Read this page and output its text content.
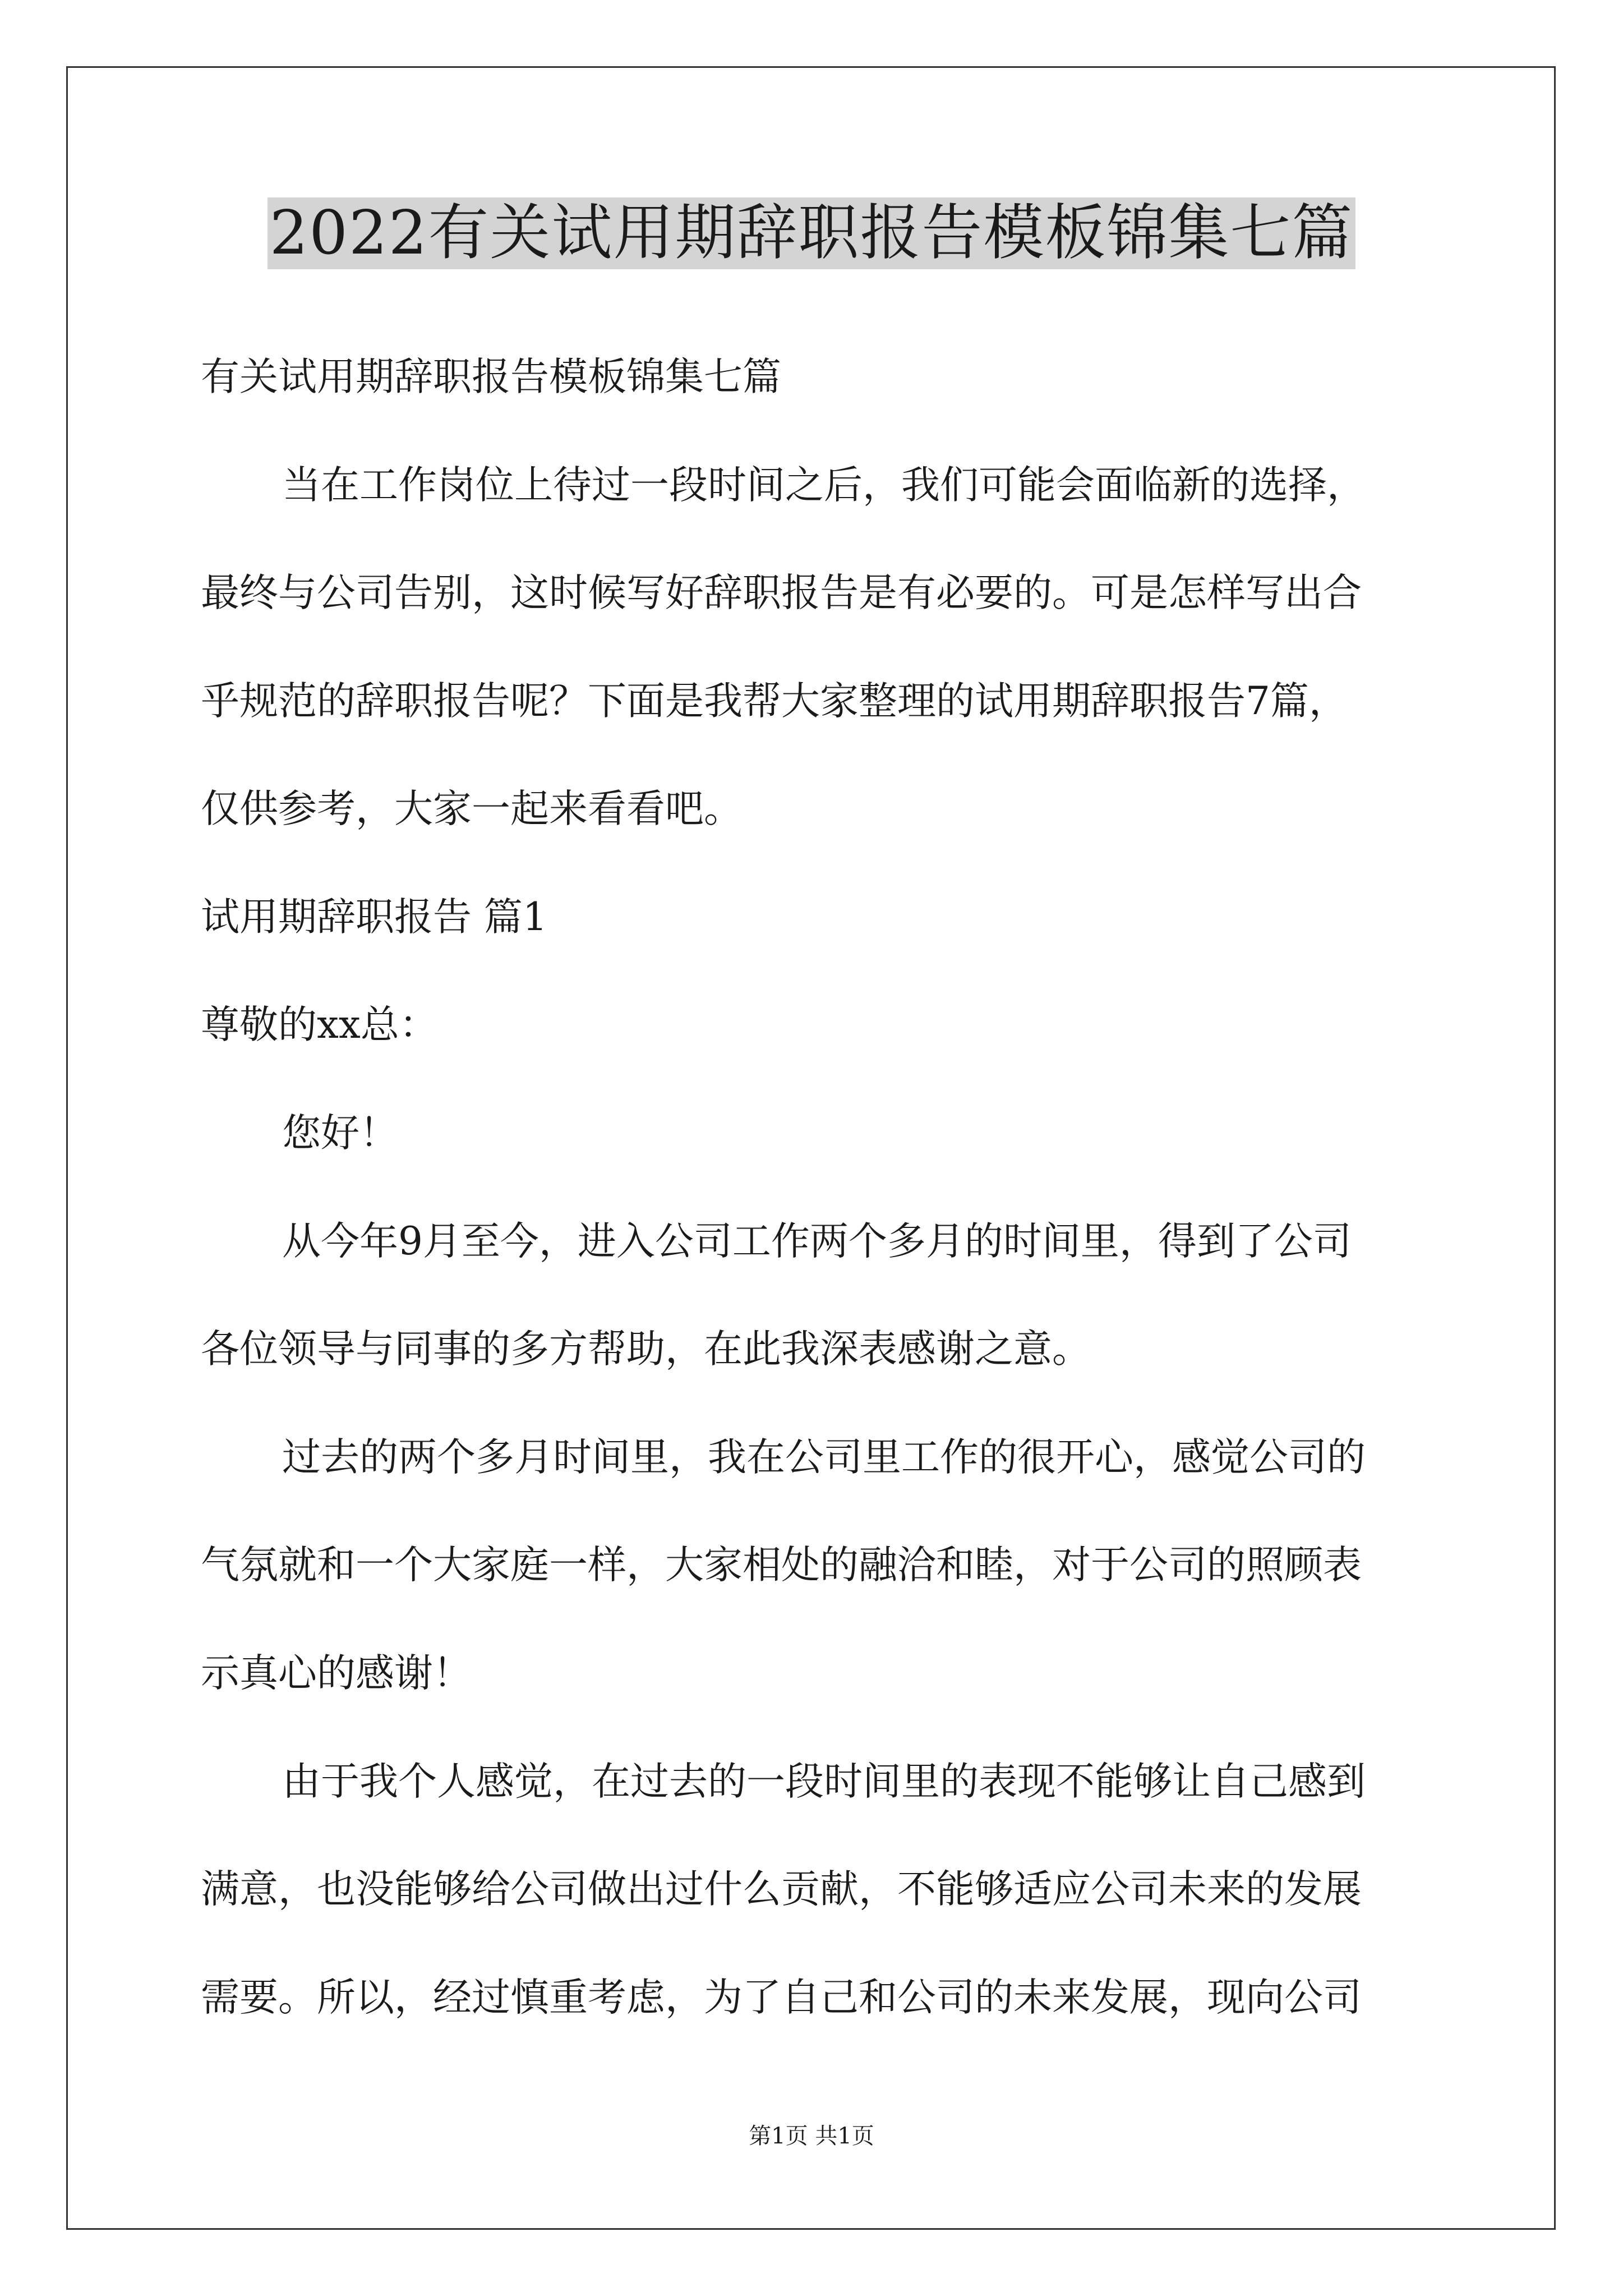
2022有关试用期辞职报告模板锦集七篇
有关试用期辞职报告模板锦集七篇
当在工作岗位上待过一段时间之后，我们可能会面临新的选择，
最终与公司告别，这时候写好辞职报告是有必要的。可是怎样写出合
乎规范的辞职报告呢？下面是我帮大家整理的试用期辞职报告7篇，
仅供参考，大家一起来看看吧。
试用期辞职报告 篇1
尊敬的xx总：
您好！
从今年9月至今，进入公司工作两个多月的时间里，得到了公司
各位领导与同事的多方帮助，在此我深表感谢之意。
过去的两个多月时间里，我在公司里工作的很开心，感觉公司的
气氛就和一个大家庭一样，大家相处的融洽和睦，对于公司的照顾表
示真心的感谢！
由于我个人感觉，在过去的一段时间里的表现不能够让自己感到
满意，也没能够给公司做出过什么贡献，不能够适应公司未来的发展
需要。所以，经过慎重考虑，为了自己和公司的未来发展，现向公司
第1页 共1页
